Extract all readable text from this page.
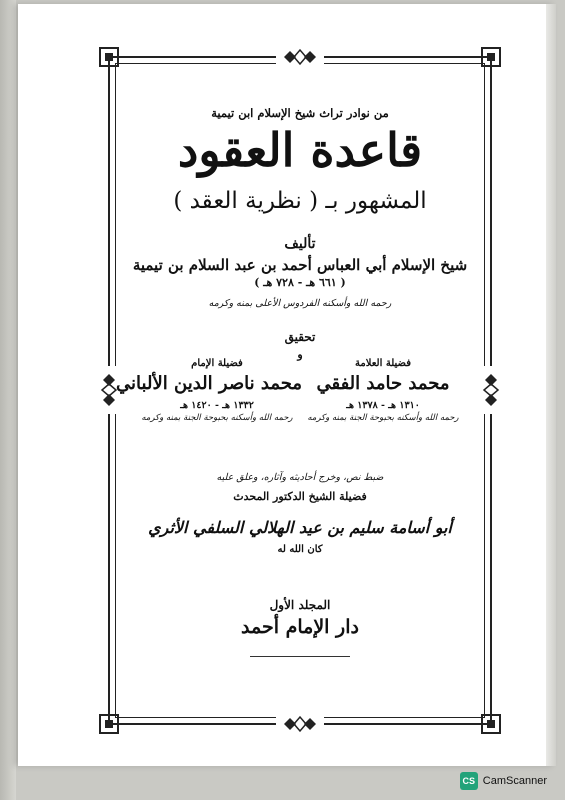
من نوادر تراث شيخ الإسلام ابن تيمية
قاعدة العقود
المشهور بـ ( نظرية العقد )
تأليف
شيخ الإسلام أبي العباس أحمد بن عبد السلام بن تيمية
( ٦٦١ هـ - ٧٢٨ هـ )
رحمه الله وأسكنه الفردوس الأعلى بمنه وكرمه
تحقيق
و
فضيلة العلامة
محمد حامد الفقي
١٣١٠ هـ - ١٣٧٨ هـ
رحمه الله وأسكنه بحبوحة الجنة بمنه وكرمه
فضيلة الإمام
محمد ناصر الدين الألباني
١٣٣٢ هـ - ١٤٢٠ هـ
رحمه الله وأسكنه بحبوحة الجنة بمنه وكرمه
ضبط نص، وخرج أحاديثه وآثاره، وعلق عليه
فضيلة الشيخ الدكتور المحدث
أبو أسامة سليم بن عيد الهلالي السلفي الأثري
كان الله له
المجلد الأول
دار الإمام أحمد
CS CamScanner
